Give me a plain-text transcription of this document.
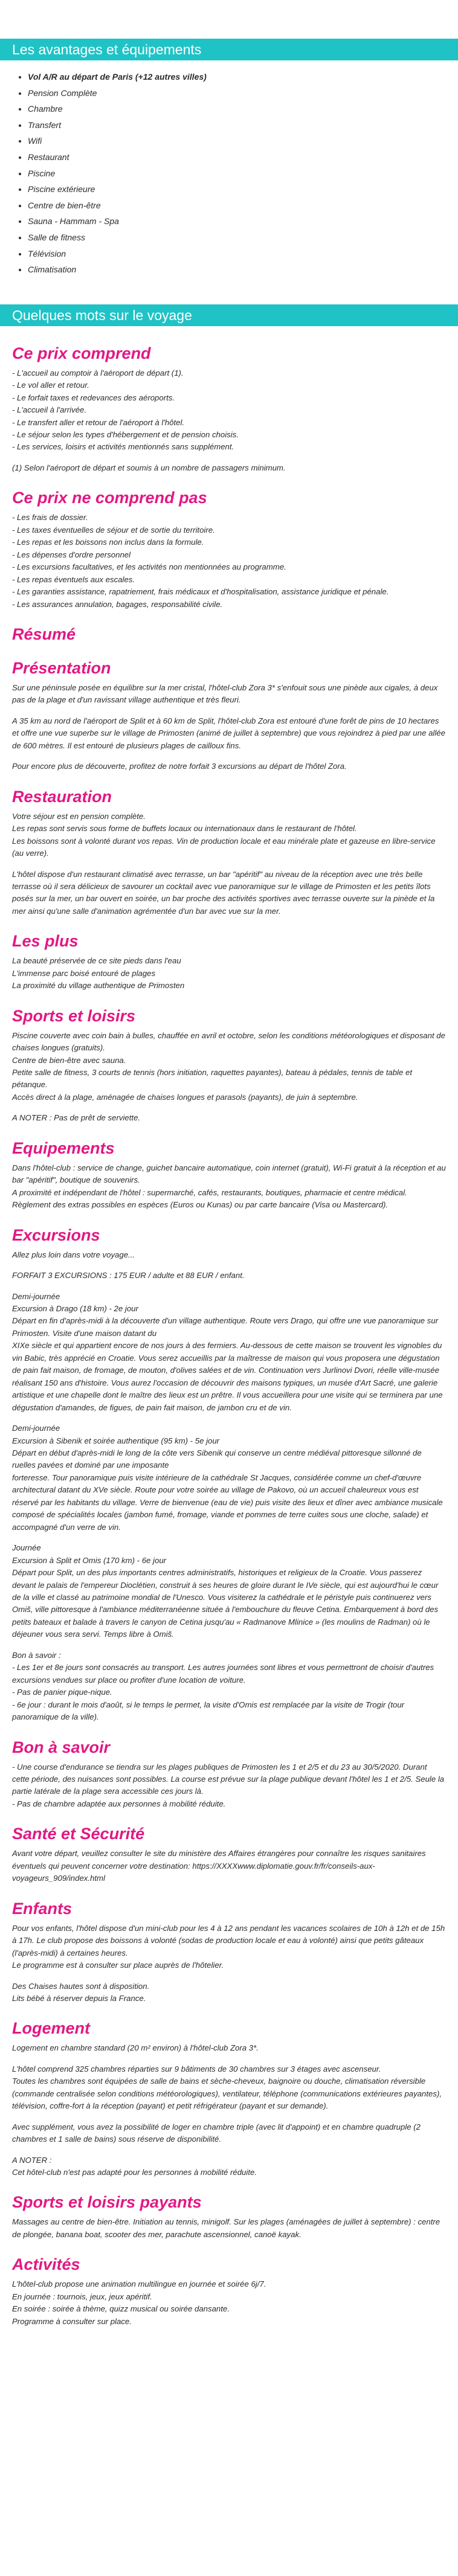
Les avantages et équipements
• Vol A/R au départ de Paris (+12 autres villes)
• Pension Complète
• Chambre
• Transfert
• Wifi
• Restaurant
• Piscine
• Piscine extérieure
• Centre de bien-être
• Sauna - Hammam - Spa
• Salle de fitness
• Télévision
• Climatisation
Quelques mots sur le voyage
Ce prix comprend

- L'accueil au comptoir à l'aéroport de départ (1).
- Le vol aller et retour.
- Le forfait taxes et redevances des aéroports.
- L'accueil à l'arrivée.
- Le transfert aller et retour de l'aéroport à l'hôtel.
- Le séjour selon les types d'hébergement et de pension choisis.
- Les services, loisirs et activités mentionnés sans supplément.

(1) Selon l'aéroport de départ et soumis à un nombre de passagers minimum.

Ce prix ne comprend pas

- Les frais de dossier.
- Les taxes éventuelles de séjour et de sortie du territoire.
- Les repas et les boissons non inclus dans la formule.
- Les dépenses d'ordre personnel
- Les excursions facultatives, et les activités non mentionnées au programme.
- Les repas éventuels aux escales.
- Les garanties assistance, rapatriement, frais médicaux et d'hospitalisation, assistance juridique et pénale.
- Les assurances annulation, bagages, responsabilité civile.

Résumé
Présentation

Sur une péninsule posée en équilibre sur la mer cristal, l'hôtel-club Zora 3* s'enfouit sous une pinède aux cigales, à deux pas de la plage et d'un ravissant village authentique et très fleuri.

A 35 km au nord de l'aéroport de Split et à 60 km de Split, l'hôtel-club Zora est entouré d'une forêt de pins de 10 hectares et offre une vue superbe sur le village de Primosten (animé de juillet à septembre) que vous rejoindrez à pied par une allée de 600 mètres. Il est entouré de plusieurs plages de cailloux fins.

Pour encore plus de découverte, profitez de notre forfait 3 excursions au départ de l'hôtel Zora.

Restauration

Votre séjour est en pension complète.
Les repas sont servis sous forme de buffets locaux ou internationaux dans le restaurant de l'hôtel.
Les boissons sont à volonté durant vos repas. Vin de production locale et eau minérale plate et gazeuse en libre-service (au verre).

L'hôtel dispose d'un restaurant climatisé avec terrasse, un bar "apéritif" au niveau de la réception avec une très belle terrasse où il sera délicieux de savourer un cocktail avec vue panoramique sur le village de Primosten et les petits îlots posés sur la mer, un bar ouvert en soirée, un bar proche des activités sportives avec terrasse ouverte sur la pinède et la mer ainsi qu'une salle d'animation agrémentée d'un bar avec vue sur la mer.

Les plus

La beauté préservée de ce site pieds dans l'eau
L'immense parc boisé entouré de plages
La proximité du village authentique de Primosten

Sports et loisirs

Piscine couverte avec coin bain à bulles, chauffée en avril et octobre, selon les conditions météorologiques et disposant de chaises longues (gratuits).
Centre de bien-être avec sauna.
Petite salle de fitness, 3 courts de tennis (hors initiation, raquettes payantes), bateau à pédales, tennis de table et pétanque.
Accès direct à la plage, aménagée de chaises longues et parasols (payants), de juin à septembre.

A NOTER : Pas de prêt de serviette.

Equipements

Dans l'hôtel-club : service de change, guichet bancaire automatique, coin internet (gratuit), Wi-Fi gratuit à la réception et au bar "apéritif", boutique de souvenirs.
A proximité et indépendant de l'hôtel : supermarché, cafés, restaurants, boutiques, pharmacie et centre médical.
Règlement des extras possibles en espèces (Euros ou Kunas) ou par carte bancaire (Visa ou Mastercard).

Excursions

Allez plus loin dans votre voyage...

FORFAIT 3 EXCURSIONS : 175 EUR / adulte et 88 EUR / enfant.

Demi-journée
Excursion à Drago (18 km) - 2e jour
Départ en fin d'après-midi à la découverte d'un village authentique. Route vers Drago, qui offre une vue panoramique sur Primosten. Visite d'une maison datant du
XIXe siècle et qui appartient encore de nos jours à des fermiers. Au-dessous de cette maison se trouvent les vignobles du vin Babic, très apprécié en Croatie. Vous serez accueillis par la maîtresse de maison qui vous proposera une dégustation de pain fait maison, de fromage, de mouton, d'olives salées et de vin. Continuation vers Jurlinovi Dvori, réelle ville-musée réalisant 150 ans d'histoire. Vous aurez l'occasion de découvrir des maisons typiques, un musée d'Art Sacré, une galerie artistique et une chapelle dont le maître des lieux est un prêtre. Il vous accueillera pour une visite qui se terminera par une dégustation d'amandes, de figues, de pain fait maison, de jambon cru et de vin.

Demi-journée
Excursion à Sibenik et soirée authentique (95 km) - 5e jour
Départ en début d'après-midi le long de la côte vers Sibenik qui conserve un centre médiéval pittoresque sillonné de ruelles pavées et dominé par une imposante
forteresse. Tour panoramique puis visite intérieure de la cathédrale St Jacques, considérée comme un chef-d'œuvre architectural datant du XVe siècle. Route pour votre soirée au village de Pakovo, où un accueil chaleureux vous est réservé par les habitants du village. Verre de bienvenue (eau de vie) puis visite des lieux et dîner avec ambiance musicale composé de spécialités locales (jambon fumé, fromage, viande et pommes de terre cuites sous une cloche, salade) et accompagné d'un verre de vin.

Journée
Excursion à Split et Omis (170 km) - 6e jour
Départ pour Split, un des plus importants centres administratifs, historiques et religieux de la Croatie. Vous passerez devant le palais de l'empereur Dioclétien, construit à ses heures de gloire durant le IVe siècle, qui est aujourd'hui le cœur de la ville et classé au patrimoine mondial de l'Unesco. Vous visiterez la cathédrale et le péristyle puis continuerez vers Omiš, ville pittoresque à l'ambiance méditerranéenne située à l'embouchure du fleuve Cetina. Embarquement à bord des petits bateaux et balade à travers le canyon de Cetina jusqu'au « Radmanove Mlinice » (les moulins de Radman) où le déjeuner vous sera servi. Temps libre à Omiš.

Bon à savoir :
- Les 1er et 8e jours sont consacrés au transport. Les autres journées sont libres et vous permettront de choisir d'autres excursions vendues sur place ou profiter d'une location de voiture.
- Pas de panier pique-nique.
- 6e jour : durant le mois d'août, si le temps le permet, la visite d'Omis est remplacée par la visite de Trogir (tour panoramique de la ville).

Bon à savoir

- Une course d'endurance se tiendra sur les plages publiques de Primosten les 1 et 2/5 et du 23 au 30/5/2020. Durant cette période, des nuisances sont possibles. La course est prévue sur la plage publique devant l'hôtel les 1 et 2/5. Seule la partie latérale de la plage sera accessible ces jours là.
- Pas de chambre adaptée aux personnes à mobilité réduite.

Santé et Sécurité

Avant votre départ, veuillez consulter le site du ministère des Affaires étrangères pour connaître les risques sanitaires éventuels qui peuvent concerner votre destination: https://XXXXwww.diplomatie.gouv.fr/fr/conseils-aux-voyageurs_909/index.html

Enfants

Pour vos enfants, l'hôtel dispose d'un mini-club pour les 4 à 12 ans pendant les vacances scolaires de 10h à 12h et de 15h à 17h. Le club propose des boissons à volonté (sodas de production locale et eau à volonté) ainsi que petits gâteaux (l'après-midi) à certaines heures.
Le programme est à consulter sur place auprès de l'hôtelier.

Des Chaises hautes sont à disposition.
Lits bébé à réserver depuis la France.

Logement

Logement en chambre standard (20 m² environ) à l'hôtel-club Zora 3*.

L'hôtel comprend 325 chambres réparties sur 9 bâtiments de 30 chambres sur 3 étages avec ascenseur.
Toutes les chambres sont équipées de salle de bains et sèche-cheveux, baignoire ou douche, climatisation réversible (commande centralisée selon conditions météorologiques), ventilateur, téléphone (communications extérieures payantes), télévision, coffre-fort à la réception (payant) et petit réfrigérateur (payant et sur demande).

Avec supplément, vous avez la possibilité de loger en chambre triple (avec lit d'appoint) et en chambre quadruple (2 chambres et 1 salle de bains) sous réserve de disponibilité.

A NOTER :
Cet hôtel-club n'est pas adapté pour les personnes à mobilité réduite.

Sports et loisirs payants

Massages au centre de bien-être. Initiation au tennis, minigolf. Sur les plages (aménagées de juillet à septembre) : centre de plongée, banana boat, scooter des mer, parachute ascensionnel, canoë kayak.

Activités

L'hôtel-club propose une animation multilingue en journée et soirée 6j/7.
En journée : tournois, jeux, jeux apéritif.
En soirée : soirée à thème, quizz musical ou soirée dansante.
Programme à consulter sur place.
